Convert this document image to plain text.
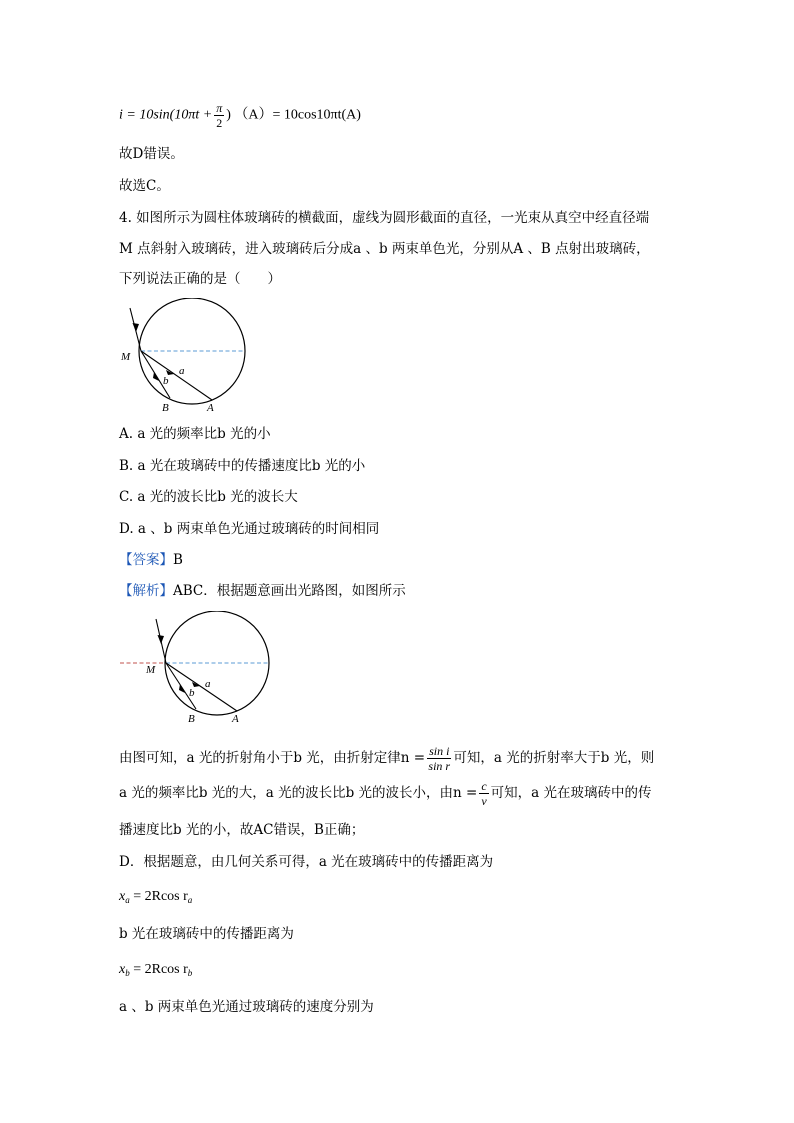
$i = 10\sin(10\pi t + \frac{\pi}{2}$ ) （A）= 10cos10πt(A)
故D错误。
故选C。
4. 如图所示为圆柱体玻璃砖的横截面，虚线为圆形截面的直径，一光束从真空中经直径端
M 点斜射入玻璃砖，进入玻璃砖后分成a 、b 两束单色光，分别从A 、B 点射出玻璃砖，
下列说法正确的是（　　）
M
a
b
B	A
A. a 光的频率比b 光的小
B. a 光在玻璃砖中的传播速度比b 光的小
C. a 光的波长比b 光的波长大
D. a 、b 两束单色光通过玻璃砖的时间相同
【答案】B
【解析】ABC．根据题意画出光路图，如图所示
M
a
b
B	A
由图可知，a 光的折射角小于b 光，由折射定律$n = \frac{\text{sin i}}{\text{sin r}}$ 可知，a 光的折射率大于b 光，则
a 光的频率比b 光的大，a 光的波长比b 光的波长小，由$n = \frac{c}{v}$ 可知，a 光在玻璃砖中的传
播速度比b 光的小，故AC错误，B正确；
D．根据题意，由几何关系可得，a 光在玻璃砖中的传播距离为
$x_a = 2Rcos$ $r_a$
b 光在玻璃砖中的传播距离为
$x_b = 2Rcos$ $r_b$
a 、b 两束单色光通过玻璃砖的速度分别为
